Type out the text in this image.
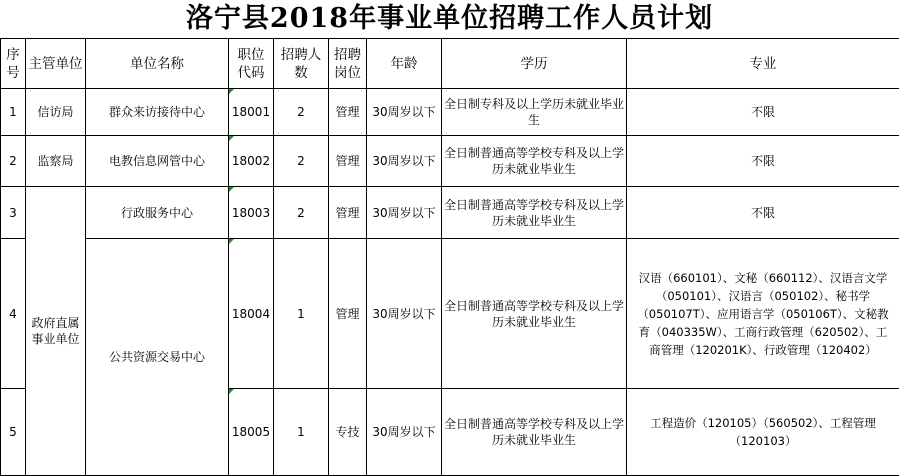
洛宁县2018年事业单位招聘工作人员计划
序号	主管单位	单位名称	职位代码	招聘人数	招聘岗位	年龄	学历	专业
1	信访局	群众来访接待中心	18001	2	管理	30周岁以下	全日制专科及以上学历未就业毕业生	不限
2	监察局	电教信息网管中心	18002	2	管理	30周岁以下	全日制普通高等学校专科及以上学历未就业毕业生	不限
3	政府直属事业单位	行政服务中心	18003	2	管理	30周岁以下	全日制普通高等学校专科及以上学历未就业毕业生	不限
4		公共资源交易中心	18004	1	管理	30周岁以下	全日制普通高等学校专科及以上学历未就业毕业生	汉语（660101）、文秘（660112）、汉语言文学（050101）、汉语言（050102）、秘书学（050107T）、应用语言学（050106T）、文秘教育（040335W）、工商行政管理（620502）、工商管理（120201K）、行政管理（120402）
5			18005	1	专技	30周岁以下	全日制普通高等学校专科及以上学历未就业毕业生	工程造价（120105）（560502）、工程管理（120103）
